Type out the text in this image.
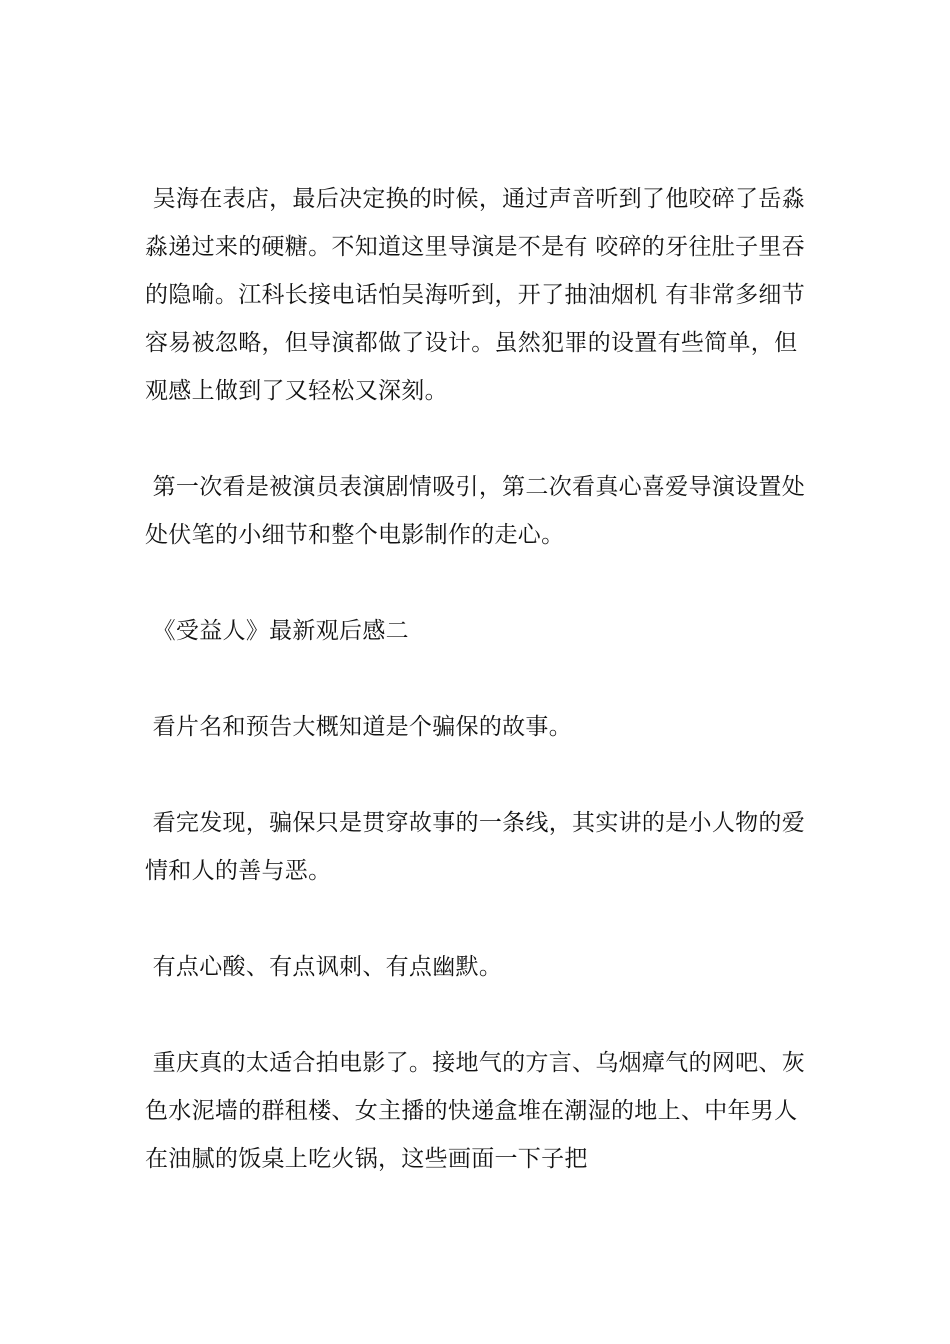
吴海在表店，最后决定换的时候，通过声音听到了他咬碎了岳淼淼递过来的硬糖。不知道这里导演是不是有 咬碎的牙往肚子里吞 的隐喻。江科长接电话怕吴海听到，开了抽油烟机 有非常多细节容易被忽略，但导演都做了设计。虽然犯罪的设置有些简单，但观感上做到了又轻松又深刻。

第一次看是被演员表演剧情吸引，第二次看真心喜爱导演设置处处伏笔的小细节和整个电影制作的走心。

《受益人》最新观后感二

看片名和预告大概知道是个骗保的故事。

看完发现，骗保只是贯穿故事的一条线，其实讲的是小人物的爱情和人的善与恶。

有点心酸、有点讽刺、有点幽默。

重庆真的太适合拍电影了。接地气的方言、乌烟瘴气的网吧、灰色水泥墙的群租楼、女主播的快递盒堆在潮湿的地上、中年男人在油腻的饭桌上吃火锅，这些画面一下子把
